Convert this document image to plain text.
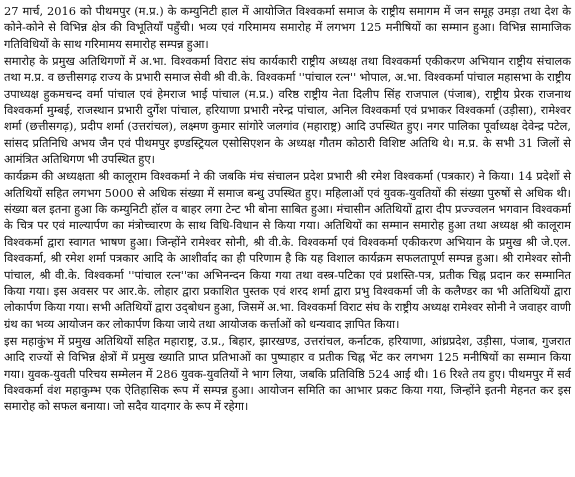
27 मार्च, 2016 को पीथमपुर (म.प्र.) के कम्युनिटी हाल में आयोजित विश्वकर्मा समाज के राष्ट्रीय समागम में जन समूह उमड़ा तथा देश के कोने-कोने से विभिन्न क्षेत्र की विभूतियाँ पहुँची। भव्य एवं गरिमामय समारोह में लगभग 125 मनीषियों का सम्मान हुआ। विभिन्न सामाजिक गतिविधियों के साथ गरिमामय समारोह सम्पन्न हुआ।

समारोह के प्रमुख अतिथिगणों में अ.भा. विश्वकर्मा विराट संघ कार्यकारी राष्ट्रीय अध्यक्ष तथा विश्वकर्मा एकीकरण अभियान राष्ट्रीय संचालक तथा म.प्र. व छत्तीसगढ़ राज्य के प्रभारी समाज सेवी श्री वी.के. विश्वकर्मा ''पांचाल रत्न'' भोपाल, अ.भा. विश्वकर्मा पांचाल महासभा के राष्ट्रीय उपाध्यक्ष हुकमचन्द वर्मा पांचाल एवं हेमराज भाई पांचाल (म.प्र.) वरिष्ठ राष्ट्रीय नेता दिलीप सिंह राजपाल (पंजाब), राष्ट्रीय प्रेरक राजनाथ विश्वकर्मा मुम्बई, राजस्थान प्रभारी दुर्गेश पांचाल, हरियाणा प्रभारी नरेन्द्र पांचाल, अनिल विश्वकर्मा एवं प्रभाकर विश्वकर्मा (उड़ीसा), रामेश्वर शर्मा (छत्तीसगढ़), प्रदीप शर्मा (उत्तरांचल), लक्ष्मण कुमार सांगोरे जलगांव (महाराष्ट्र) आदि उपस्थित हुए। नगर पालिका पूर्वाध्यक्ष देवेन्द्र पटेल, सांसद प्रतिनिधि अभय जैन एवं पीथमपुर इण्डस्ट्रियल एसोसिएशन के अध्यक्ष गौतम कोठारी विशिष्ट अतिथि थे। म.प्र. के सभी 31 जिलों से आमंत्रित अतिथिगण भी उपस्थित हुए।

कार्यक्रम की अध्यक्षता श्री कालूराम विश्वकर्मा ने की जबकि मंच संचालन प्रदेश प्रभारी श्री रमेश विश्वकर्मा (पत्रकार) ने किया। 14 प्रदेशों से अतिथियों सहित लगभग 5000 से अधिक संख्या में समाज बन्धु उपस्थित हुए। महिलाओं एवं युवक-युवतियों की संख्या पुरुषों से अधिक थी। संख्या बल इतना हुआ कि कम्युनिटी हॉल व बाहर लगा टेन्ट भी बोना साबित हुआ। मंचासीन अतिथियों द्वारा दीप प्रज्ज्वलन भगवान विश्वकर्मा के चित्र पर एवं माल्यार्पण का मंत्रोच्चारण के साथ विधि-विधान से किया गया। अतिथियों का सम्मान समारोह हुआ तथा अध्यक्ष श्री कालूराम विश्वकर्मा द्वारा स्वागत भाषण हुआ। जिन्होंने रामेश्वर सोनी, श्री वी.के. विश्वकर्मा एवं विश्वकर्मा एकीकरण अभियान के प्रमुख श्री जे.एल. विश्वकर्मा, श्री रमेश शर्मा पत्रकार आदि के आशीर्वाद का ही परिणाम है कि यह विशाल कार्यक्रम सफलतापूर्ण सम्पन्न हुआ। श्री रामेश्वर सोनी पांचाल, श्री वी.के. विश्वकर्मा ''पांचाल रत्न''का अभिनन्दन किया गया तथा वस्त्र-पटिका एवं प्रशस्ति-पत्र, प्रतीक चिह्न प्रदान कर सम्मानित किया गया। इस अवसर पर आर.के. लोहार द्वारा प्रकाशित पुस्तक एवं शरद शर्मा द्वारा प्रभु विश्वकर्मा जी के कलैण्डर का भी अतिथियों द्वारा लोकार्पण किया गया। सभी अतिथियों द्वारा उद्‌बोधन हुआ, जिसमें अ.भा. विश्वकर्मा विराट संघ के राष्ट्रीय अध्यक्ष रामेश्वर सोनी ने जवाहर वाणी ग्रंथ का भव्य आयोजन कर लोकार्पण किया जाये तथा आयोजक कर्त्ताओं को धन्यवाद ज्ञापित किया।

इस महाकुंभ में प्रमुख अतिथियों सहित महाराष्ट्र, उ.प्र., बिहार, झारखण्ड, उत्तरांचल, कर्नाटक, हरियाणा, आंध्रप्रदेश, उड़ीसा, पंजाब, गुजरात आदि राज्यों से विभिन्न क्षेत्रों में प्रमुख ख्याति प्राप्त प्रतिभाओं का पुष्पाहार व प्रतीक चिह्न भेंट कर लगभग 125 मनीषियों का सम्मान किया गया। युवक-युवती परिचय सम्मेलन में 286 युवक-युवतियों ने भाग लिया, जबकि प्रतिविष्ठि 524 आई थी। 16 रिश्ते तय हुए। पीथमपुर में सर्व विश्वकर्मा वंश महाकुम्भ एक ऐतिहासिक रूप में सम्पन्न हुआ। आयोजन समिति का आभार प्रकट किया गया, जिन्होंने इतनी मेहनत कर इस समारोह को सफल बनाया। जो सदैव यादगार के रूप में रहेगा।
